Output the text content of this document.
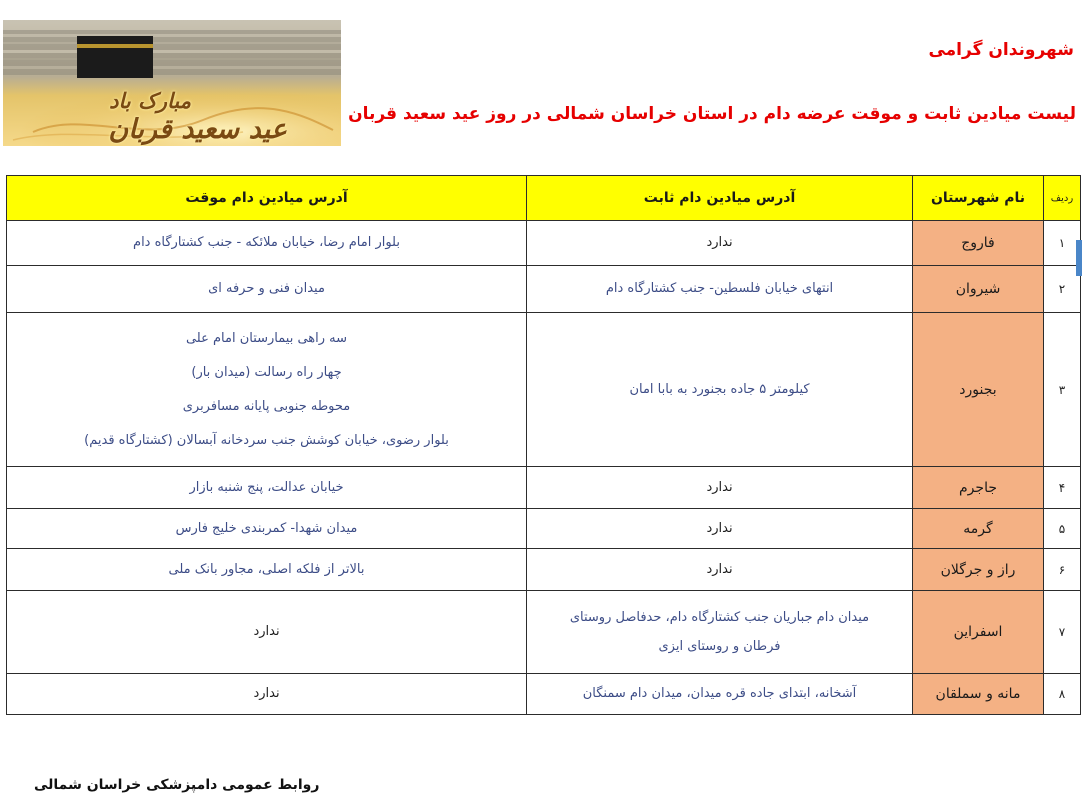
مبارک باد
عید سعید قربان
شهروندان گرامی
لیست میادین ثابت و موقت عرضه دام در استان خراسان شمالی در روز عید سعید قربان
ردیف	نام شهرستان	آدرس میادین دام ثابت	آدرس میادین دام موقت
۱	فاروج	ندارد	بلوار امام رضا، خیابان ملائکه - جنب کشتارگاه دام

۲	شیروان	انتهای خیابان فلسطین- جنب کشتارگاه دام	میدان فنی و حرفه ای

۳	بجنورد	کیلومتر ۵ جاده بجنورد به بابا امان	سه راهی بیمارستان امام علی
چهار راه رسالت (میدان بار)
محوطه جنوبی پایانه مسافربری
بلوار رضوی، خیابان کوشش جنب سردخانه آبسالان (کشتارگاه قدیم)

۴	جاجرم	ندارد	خیابان عدالت، پنج شنبه بازار

۵	گرمه	ندارد	میدان شهدا- کمربندی خلیج فارس

۶	راز و جرگلان	ندارد	بالاتر از فلکه اصلی، مجاور بانک ملی

۷	اسفراین	میدان دام جباریان جنب کشتارگاه دام، حدفاصل روستای
فرطان و روستای ایزی	ندارد

۸	مانه و سملقان	آشخانه، ابتدای جاده قره میدان، میدان دام سمنگان	ندارد
روابط عمومی دامپزشکی خراسان شمالی
